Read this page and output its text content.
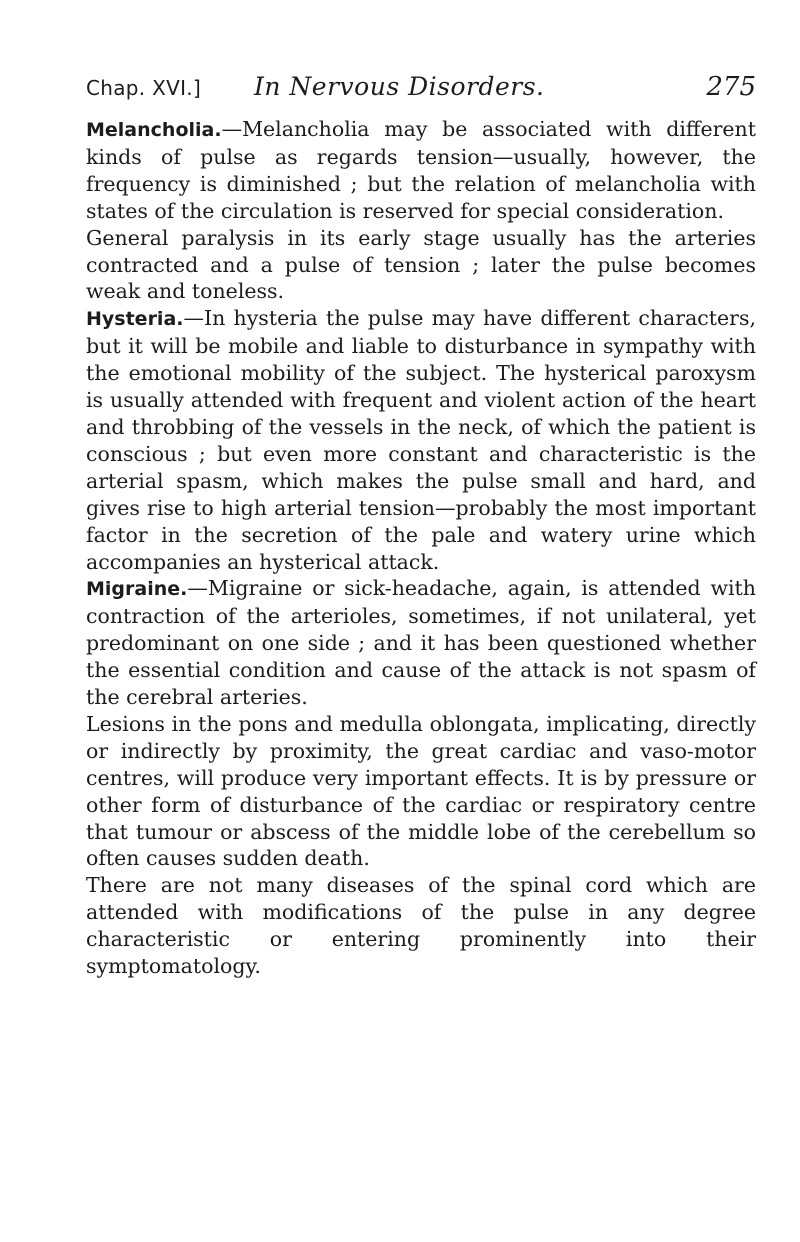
Chap. XVI.]	In Nervous Disorders.	275

Melancholia.—Melancholia may be associated with different kinds of pulse as regards tension—usually, however, the frequency is diminished ; but the relation of melancholia with states of the circulation is reserved for special consideration.

General paralysis in its early stage usually has the arteries contracted and a pulse of tension ; later the pulse becomes weak and toneless.

Hysteria.—In hysteria the pulse may have different characters, but it will be mobile and liable to disturbance in sympathy with the emotional mobility of the subject. The hysterical paroxysm is usually attended with frequent and violent action of the heart and throbbing of the vessels in the neck, of which the patient is conscious ; but even more constant and characteristic is the arterial spasm, which makes the pulse small and hard, and gives rise to high arterial tension—probably the most important factor in the secretion of the pale and watery urine which accompanies an hysterical attack.

Migraine.—Migraine or sick-headache, again, is attended with contraction of the arterioles, sometimes, if not unilateral, yet predominant on one side ; and it has been questioned whether the essential condition and cause of the attack is not spasm of the cerebral arteries.

Lesions in the pons and medulla oblongata, implicating, directly or indirectly by proximity, the great cardiac and vaso-motor centres, will produce very important effects. It is by pressure or other form of disturbance of the cardiac or respiratory centre that tumour or abscess of the middle lobe of the cerebellum so often causes sudden death.

There are not many diseases of the spinal cord which are attended with modifications of the pulse in any degree characteristic or entering prominently into their symptomatology.
